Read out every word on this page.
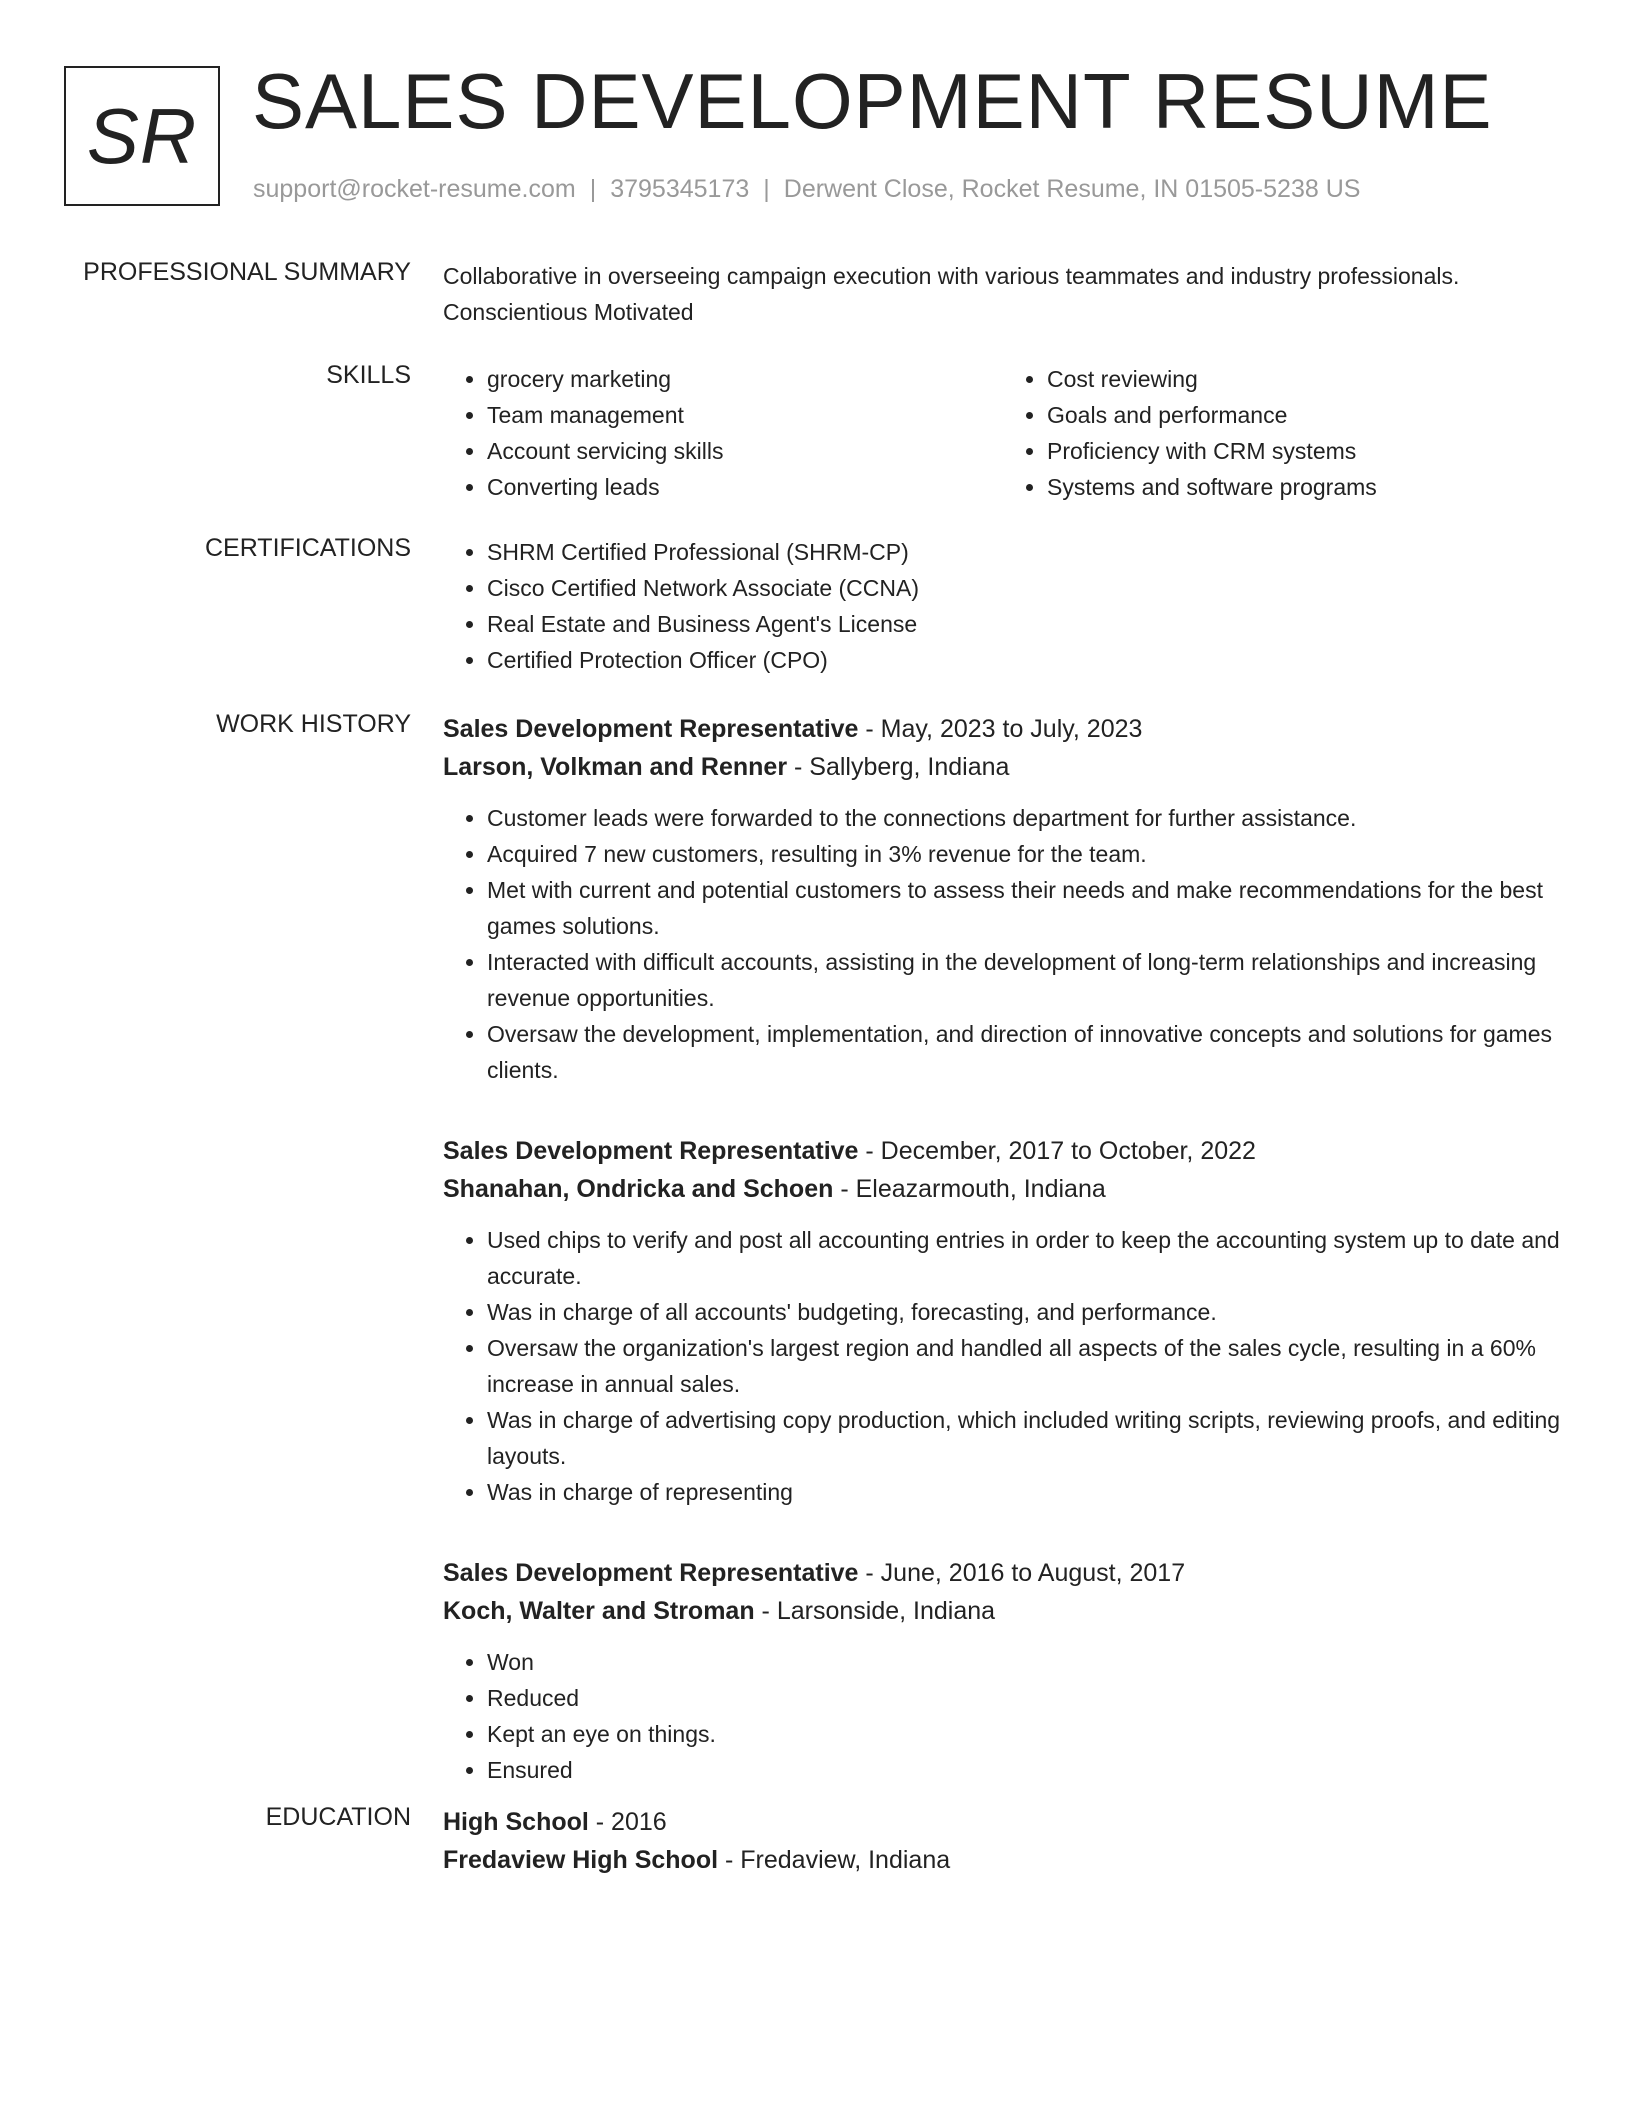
SR SALES DEVELOPMENT RESUME
support@rocket-resume.com | 3795345173 | Derwent Close, Rocket Resume, IN 01505-5238 US
PROFESSIONAL SUMMARY Collaborative in overseeing campaign execution with various teammates and industry professionals. Conscientious Motivated

SKILLS	• grocery marketing
• Team management
• Account servicing skills
• Converting leads
• Cost reviewing
• Goals and performance
• Proficiency with CRM systems
• Systems and software programs
CERTIFICATIONS	• SHRM Certified Professional (SHRM-CP)
• Cisco Certified Network Associate (CCNA)
• Real Estate and Business Agent's License
• Certified Protection Officer (CPO)
WORK HISTORY Sales Development Representative - May, 2023 to July, 2023

Larson, Volkman and Renner - Sallyberg, Indiana

• Customer leads were forwarded to the connections department for further assistance.
• Acquired 7 new customers, resulting in 3% revenue for the team.
• Met with current and potential customers to assess their needs and make recommendations for the best games solutions.
• Interacted with difficult accounts, assisting in the development of long-term relationships and increasing revenue opportunities.
• Oversaw the development, implementation, and direction of innovative concepts and solutions for games clients.

Sales Development Representative - December, 2017 to October, 2022

Shanahan, Ondricka and Schoen - Eleazarmouth, Indiana

• Used chips to verify and post all accounting entries in order to keep the accounting system up to date and accurate.
• Was in charge of all accounts' budgeting, forecasting, and performance.
• Oversaw the organization's largest region and handled all aspects of the sales cycle, resulting in a 60% increase in annual sales.
• Was in charge of advertising copy production, which included writing scripts, reviewing proofs, and editing layouts.
• Was in charge of representing

Sales Development Representative - June, 2016 to August, 2017

Koch, Walter and Stroman - Larsonside, Indiana

• Won
• Reduced
• Kept an eye on things.
• Ensured
EDUCATION High School - 2016

Fredaview High School - Fredaview, Indiana
